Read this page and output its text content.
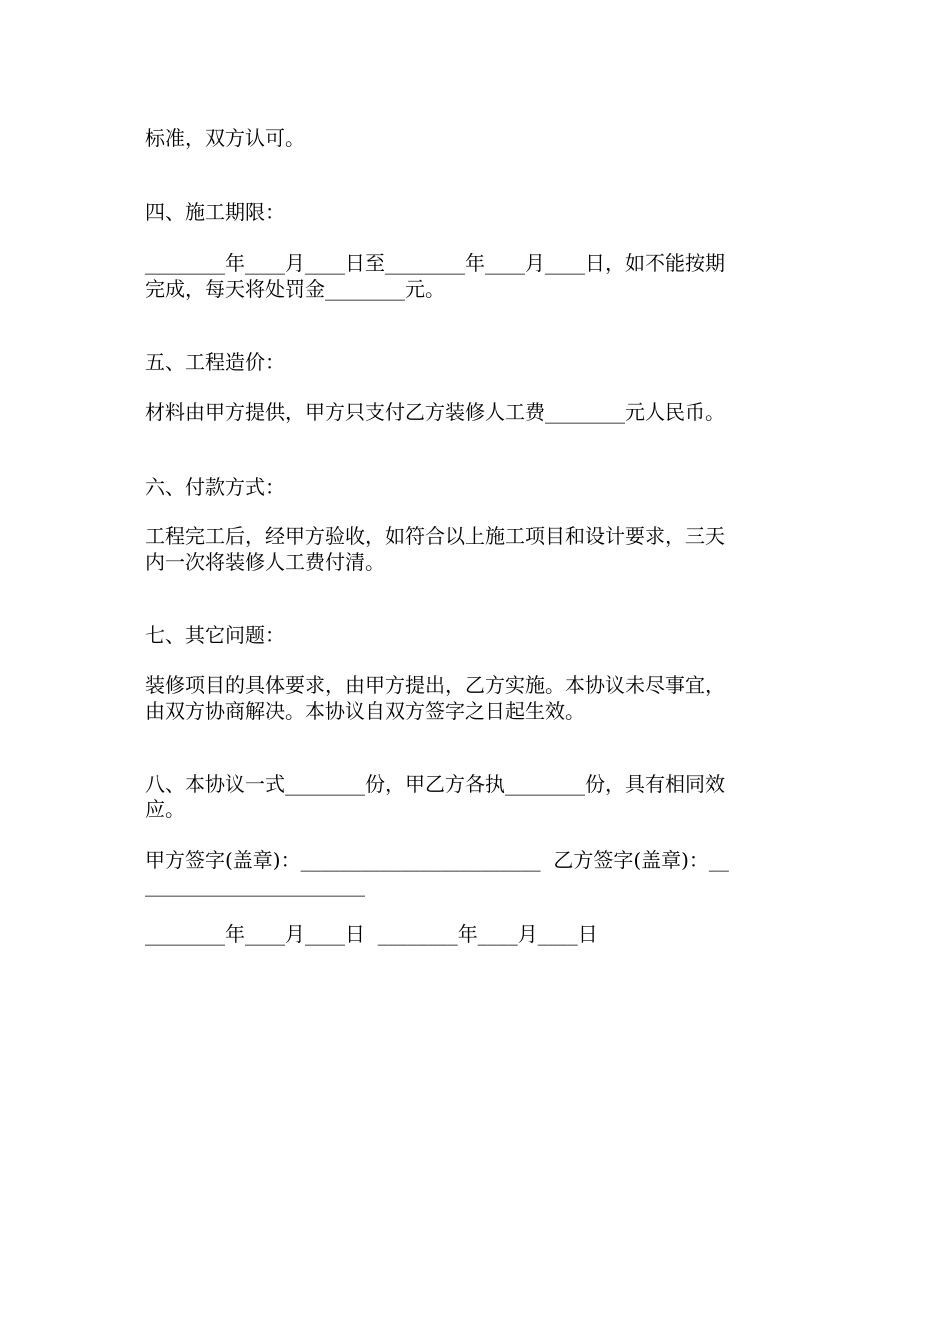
标准，双方认可。

四、施工期限：

________年____月____日至________年____月____日，如不能按期

完成，每天将处罚金________元。

五、工程造价：

材料由甲方提供，甲方只支付乙方装修人工费________元人民币。

六、付款方式：

工程完工后，经甲方验收，如符合以上施工项目和设计要求，三天

内一次将装修人工费付清。

七、其它问题：

装修项目的具体要求，由甲方提出，乙方实施。本协议未尽事宜，

由双方协商解决。本协议自双方签字之日起生效。

八、本协议一式________份，甲乙方各执________份，具有相同效

应。

甲方签字(盖章)：________________________  乙方签字(盖章)：__

______________________

________年____月____日  ________年____月____日
